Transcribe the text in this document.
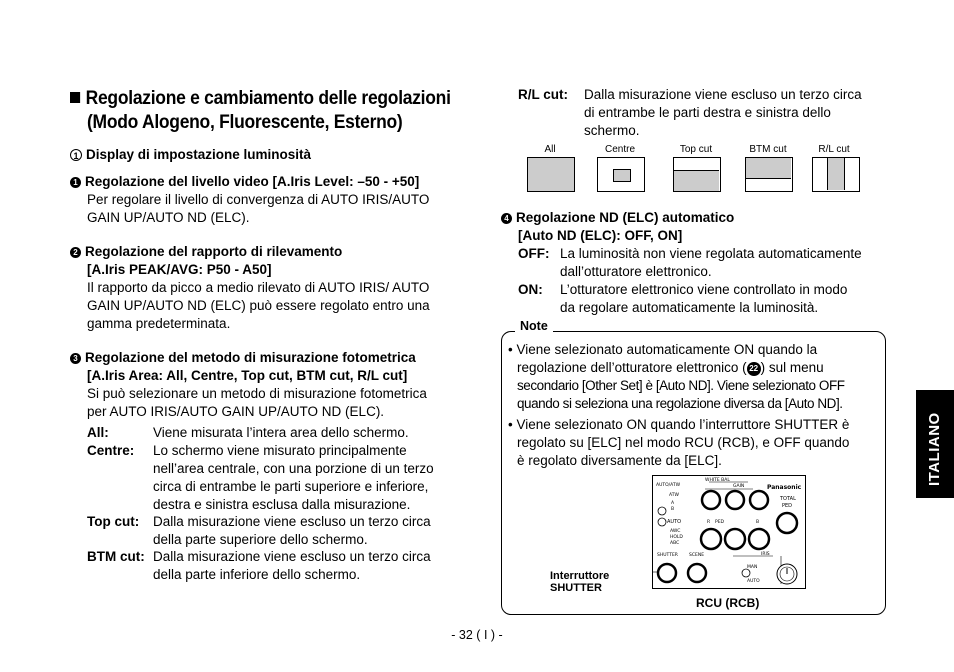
Regolazione e cambiamento delle regolazioni
(Modo Alogeno, Fluorescente, Esterno)
1 Display di impostazione luminosità
1 Regolazione del livello video [A.Iris Level: –50 - +50]
Per regolare il livello di convergenza di AUTO IRIS/AUTO
GAIN UP/AUTO ND (ELC).
2 Regolazione del rapporto di rilevamento
[A.Iris PEAK/AVG: P50 - A50]
Il rapporto da picco a medio rilevato di AUTO IRIS/ AUTO
GAIN UP/AUTO ND (ELC) può essere regolato entro una
gamma predeterminata.
3 Regolazione del metodo di misurazione fotometrica
[A.Iris Area: All, Centre, Top cut, BTM cut, R/L cut]
Si può selezionare un metodo di misurazione fotometrica
per AUTO IRIS/AUTO GAIN UP/AUTO ND (ELC).
All:	Viene misurata l’intera area dello schermo.
Centre: Lo schermo viene misurato principalmente
nell’area centrale, con una porzione di un terzo
circa di entrambe le parti superiore e inferiore,
destra e sinistra esclusa dalla misurazione.
Top cut: Dalla misurazione viene escluso un terzo circa
della parte superiore dello schermo.
BTM cut: Dalla misurazione viene escluso un terzo circa
della parte inferiore dello schermo.
R/L cut: Dalla misurazione viene escluso un terzo circa
di entrambe le parti destra e sinistra dello
schermo.
All	Centre	Top cut	BTM cut	R/L cut
4 Regolazione ND (ELC) automatico
[Auto ND (ELC): OFF, ON]
OFF: La luminosità non viene regolata automaticamente
dall’otturatore elettronico.
ON: L’otturatore elettronico viene controllato in modo
da regolare automaticamente la luminosità.
Note
• Viene selezionato automaticamente ON quando la
regolazione dell’otturatore elettronico ( 22 ) sul menu
secondario [Other Set] è [Auto ND]. Viene selezionato OFF
quando si seleziona una regolazione diversa da [Auto ND].
• Viene selezionato ON quando l’interruttore SHUTTER è
regolato su [ELC] nel modo RCU (RCB), e OFF quando
è regolato diversamente da [ELC].
AUTO/ATW
WHITE BAL
GAIN	Panasonic
ATW
A
B
AUTO	R PED	B
TOTAL
PED
AWC
HOLD
ABC
SHUTTER SCENE	IRIS
MAN
AUTO
Interruttore
SHUTTER
RCU (RCB)
ITALIANO
- 32 ( I ) -
